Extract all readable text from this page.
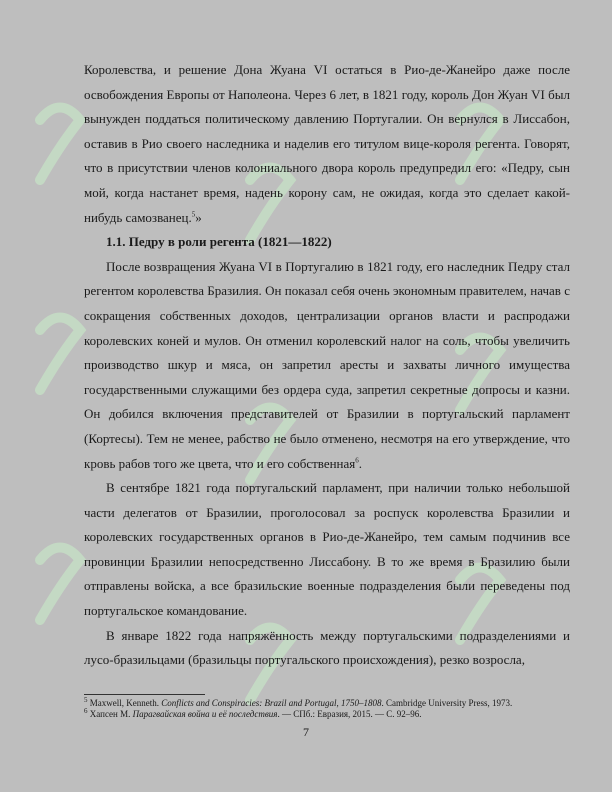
Королевства, и решение Дона Жуана VI остаться в Рио-де-Жанейро даже после освобождения Европы от Наполеона. Через 6 лет, в 1821 году, король Дон Жуан VI был вынужден поддаться политическому давлению Португалии. Он вернулся в Лиссабон, оставив в Рио своего наследника и наделив его титулом вице-короля регента. Говорят, что в присутствии членов колониального двора король предупредил его: «Педру, сын мой, когда настанет время, надень корону сам, не ожидая, когда это сделает какой-нибудь самозванец.$^5$»

1.1. Педру в роли регента (1821—1822)

После возвращения Жуана VI в Португалию в 1821 году, его наследник Педру стал регентом королевства Бразилия. Он показал себя очень экономным правителем, начав с сокращения собственных доходов, централизации органов власти и распродажи королевских коней и мулов. Он отменил королевский налог на соль, чтобы увеличить производство шкур и мяса, он запретил аресты и захваты личного имущества государственными служащими без ордера суда, запретил секретные допросы и казни. Он добился включения представителей от Бразилии в португальский парламент (Кортесы). Тем не менее, рабство не было отменено, несмотря на его утверждение, что кровь рабов того же цвета, что и его собственная$^6$.

В сентябре 1821 года португальский парламент, при наличии только небольшой части делегатов от Бразилии, проголосовал за роспуск королевства Бразилии и королевских государственных органов в Рио-де-Жанейро, тем самым подчинив все провинции Бразилии непосредственно Лиссабону. В то же время в Бразилию были отправлены войска, а все бразильские военные подразделения были переведены под португальское командование.

В январе 1822 года напряжённость между португальскими подразделениями и лусо-бразильцами (бразильцы португальского происхождения), резко возросла,

$^5$ Maxwell, Kenneth. Conflicts and Conspiracies: Brazil and Portugal, 1750–1808. Cambridge University Press, 1973.

$^6$ Хапсен М. Парагвайская война и её последствия. — СПб.: Евразия, 2015. — С. 92–96.

7
